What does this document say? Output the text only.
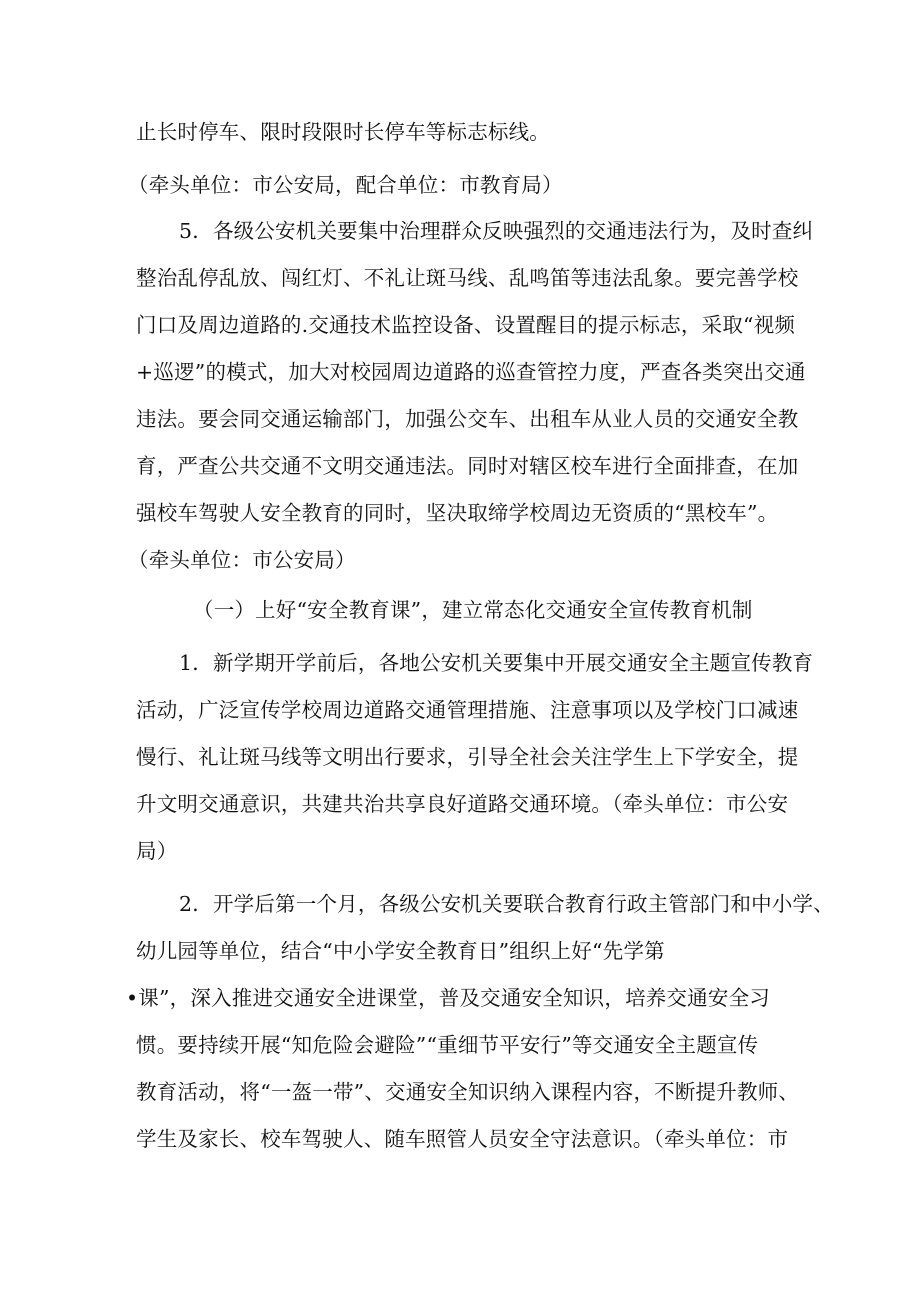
止长时停车、限时段限时长停车等标志标线。
（牵头单位：市公安局，配合单位：市教育局）
5．各级公安机关要集中治理群众反映强烈的交通违法行为，及时查纠
整治乱停乱放、闯红灯、不礼让斑马线、乱鸣笛等违法乱象。要完善学校
门口及周边道路的.交通技术监控设备、设置醒目的提示标志，采取“视频
+巡逻”的模式，加大对校园周边道路的巡查管控力度，严查各类突出交通
违法。要会同交通运输部门，加强公交车、出租车从业人员的交通安全教
育，严查公共交通不文明交通违法。同时对辖区校车进行全面排查，在加
强校车驾驶人安全教育的同时，坚决取缔学校周边无资质的“黑校车”。
（牵头单位：市公安局）
（一）上好“安全教育课”，建立常态化交通安全宣传教育机制
1．新学期开学前后，各地公安机关要集中开展交通安全主题宣传教育
活动，广泛宣传学校周边道路交通管理措施、注意事项以及学校门口减速
慢行、礼让斑马线等文明出行要求，引导全社会关注学生上下学安全，提
升文明交通意识，共建共治共享良好道路交通环境。（牵头单位：市公安
局）
2．开学后第一个月，各级公安机关要联合教育行政主管部门和中小学、
幼儿园等单位，结合“中小学安全教育日”组织上好“先学第
•课”，深入推进交通安全进课堂，普及交通安全知识，培养交通安全习
惯。要持续开展“知危险会避险”“重细节平安行”等交通安全主题宣传
教育活动，将“一盔一带”、交通安全知识纳入课程内容，不断提升教师、
学生及家长、校车驾驶人、随车照管人员安全守法意识。（牵头单位：市
